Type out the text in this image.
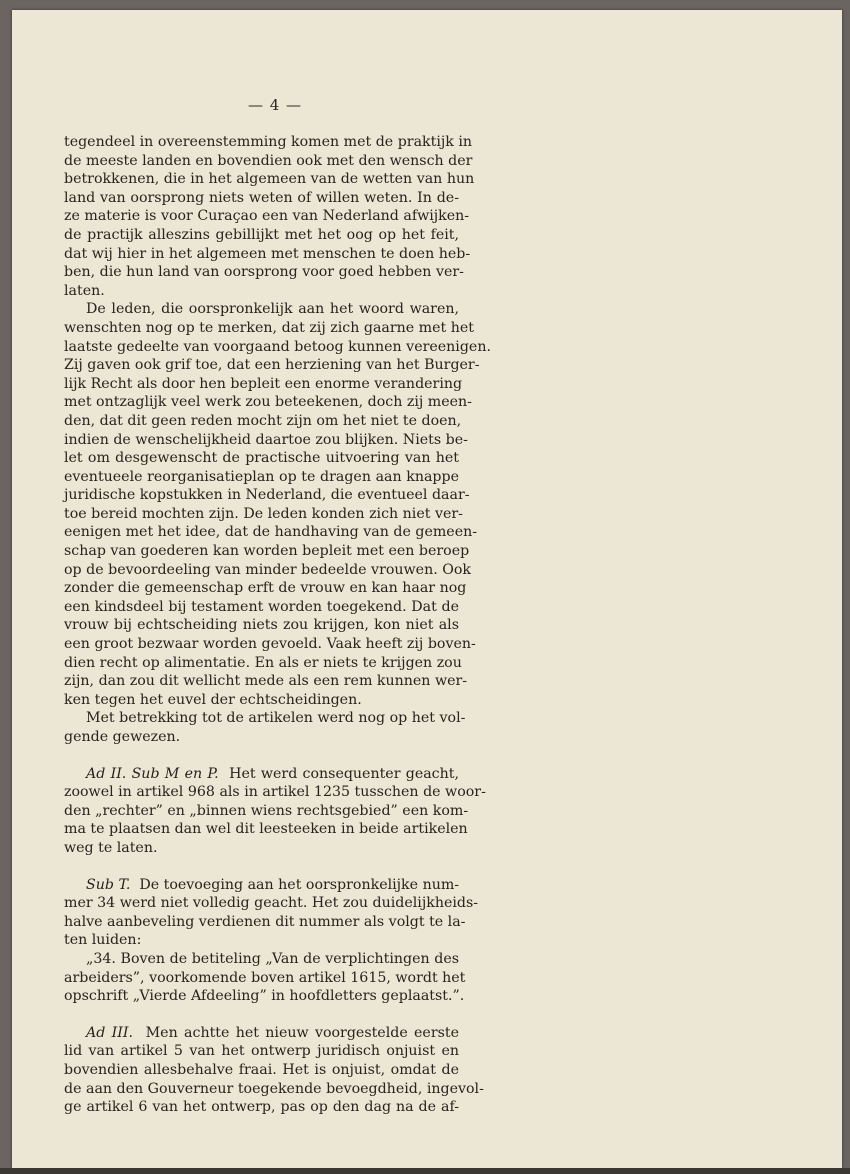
— 4 —
tegendeel in overeenstemming komen met de praktijk in
de meeste landen en bovendien ook met den wensch der
betrokkenen, die in het algemeen van de wetten van hun
land van oorsprong niets weten of willen weten. In de-
ze materie is voor Curaçao een van Nederland afwijken-
de practijk alleszins gebillijkt met het oog op het feit,
dat wij hier in het algemeen met menschen te doen heb-
ben, die hun land van oorsprong voor goed hebben ver-
laten.
De leden, die oorspronkelijk aan het woord waren,
wenschten nog op te merken, dat zij zich gaarne met het
laatste gedeelte van voorgaand betoog kunnen vereenigen.
Zij gaven ook grif toe, dat een herziening van het Burger-
lijk Recht als door hen bepleit een enorme verandering
met ontzaglijk veel werk zou beteekenen, doch zij meen-
den, dat dit geen reden mocht zijn om het niet te doen,
indien de wenschelijkheid daartoe zou blijken. Niets be-
let om desgewenscht de practische uitvoering van het
eventueele reorganisatieplan op te dragen aan knappe
juridische kopstukken in Nederland, die eventueel daar-
toe bereid mochten zijn. De leden konden zich niet ver-
eenigen met het idee, dat de handhaving van de gemeen-
schap van goederen kan worden bepleit met een beroep
op de bevoordeeling van minder bedeelde vrouwen. Ook
zonder die gemeenschap erft de vrouw en kan haar nog
een kindsdeel bij testament worden toegekend. Dat de
vrouw bij echtscheiding niets zou krijgen, kon niet als
een groot bezwaar worden gevoeld. Vaak heeft zij boven-
dien recht op alimentatie. En als er niets te krijgen zou
zijn, dan zou dit wellicht mede als een rem kunnen wer-
ken tegen het euvel der echtscheidingen.
Met betrekking tot de artikelen werd nog op het vol-
gende gewezen.
Ad II. Sub M en P. Het werd consequenter geacht,
zoowel in artikel 968 als in artikel 1235 tusschen de woor-
den „rechter” en „binnen wiens rechtsgebied” een kom-
ma te plaatsen dan wel dit leesteeken in beide artikelen
weg te laten.
Sub T. De toevoeging aan het oorspronkelijke num-
mer 34 werd niet volledig geacht. Het zou duidelijkheids-
halve aanbeveling verdienen dit nummer als volgt te la-
ten luiden:
„34. Boven de betiteling „Van de verplichtingen des
arbeiders”, voorkomende boven artikel 1615, wordt het
opschrift „Vierde Afdeeling” in hoofdletters geplaatst.”.
Ad III. Men achtte het nieuw voorgestelde eerste
lid van artikel 5 van het ontwerp juridisch onjuist en
bovendien allesbehalve fraai. Het is onjuist, omdat de
de aan den Gouverneur toegekende bevoegdheid, ingevol-
ge artikel 6 van het ontwerp, pas op den dag na de af-
